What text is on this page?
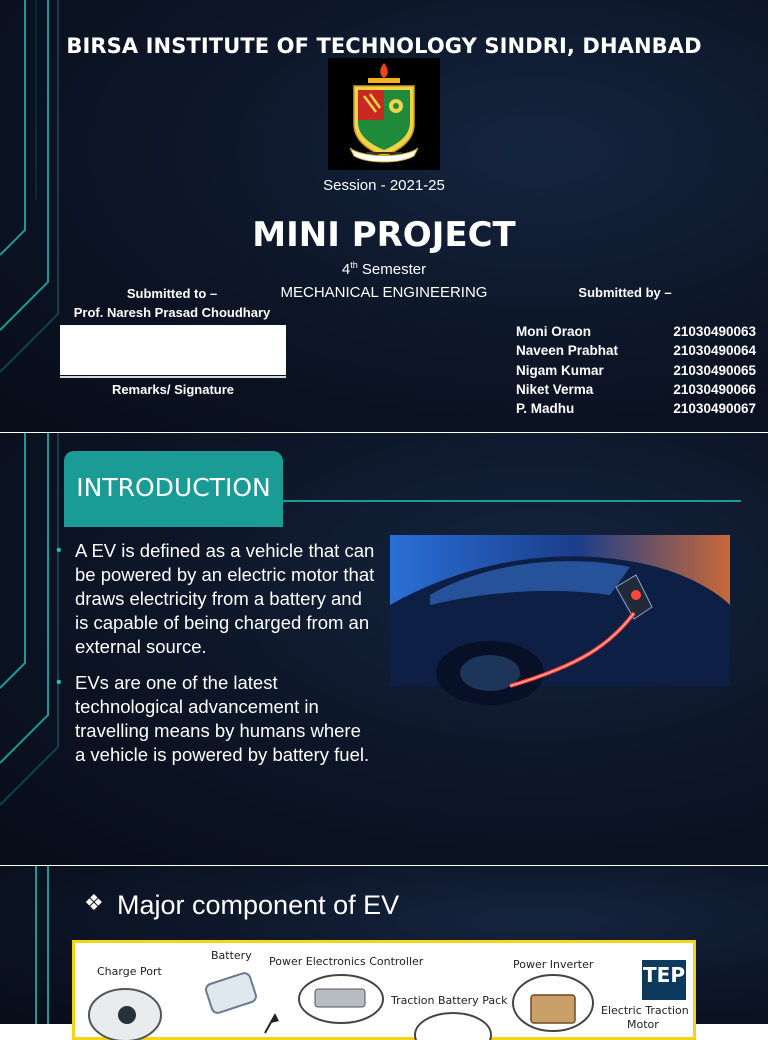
BIRSA INSTITUTE OF TECHNOLOGY SINDRI, DHANBAD
Session - 2021-25
MINI PROJECT
4th Semester
MECHANICAL ENGINEERING
Submitted to –
Prof. Naresh Prasad Choudhary
Remarks/ Signature
Submitted by –
Moni Oraon	21030490063
Naveen Prabhat	21030490064
Nigam Kumar	21030490065
Niket Verma	21030490066
P. Madhu	21030490067
INTRODUCTION
• A EV is defined as a vehicle that can be powered by an electric motor that draws electricity from a battery and is capable of being charged from an external source.
• EVs are one of the latest technological advancement in travelling means by humans where a vehicle is powered by battery fuel.
❖ Major component of EV
Charge Port
Battery Power Electronics Controller
Traction Battery Pack
Power Inverter
Electric Traction
Motor
TEP
